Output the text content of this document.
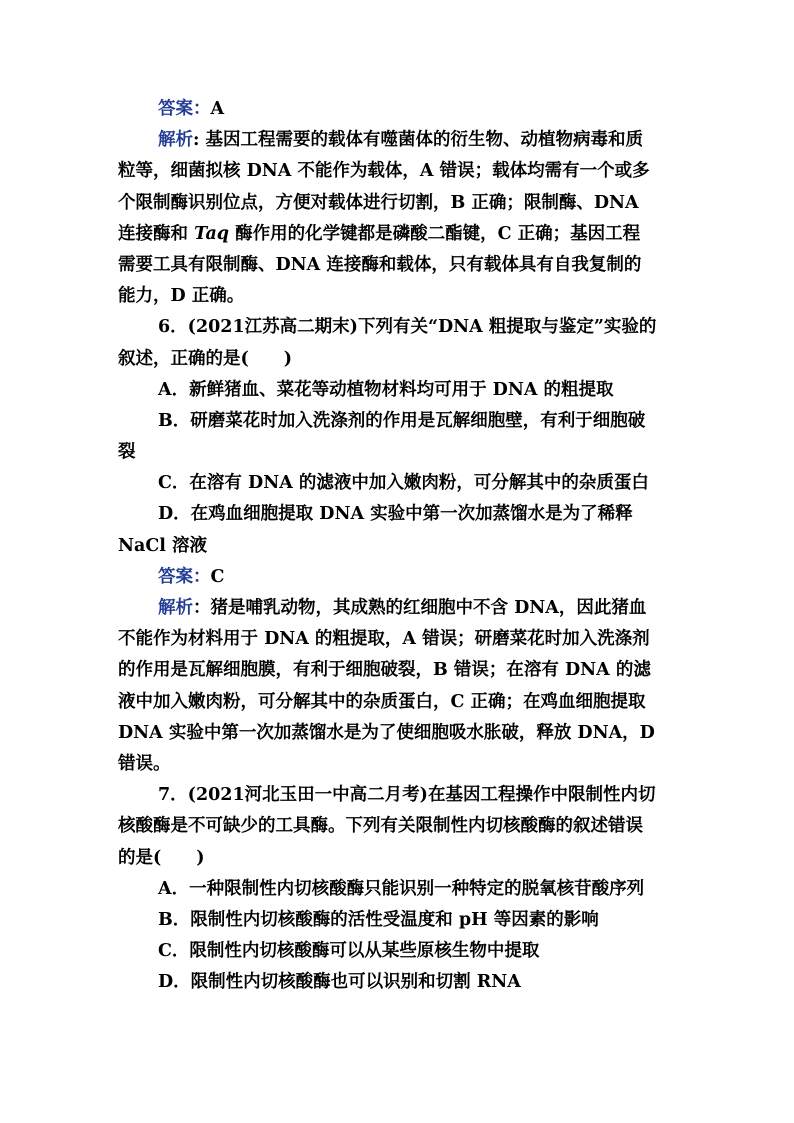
答案：A
解析: 基因工程需要的载体有噬菌体的衍生物、动植物病毒和质
粒等，细菌拟核 DNA 不能作为载体，A 错误；载体均需有一个或多
个限制酶识别位点，方便对载体进行切割，B 正确；限制酶、DNA
连接酶和 Taq 酶作用的化学键都是磷酸二酯键，C 正确；基因工程
需要工具有限制酶、DNA 连接酶和载体，只有载体具有自我复制的
能力，D 正确。
6．(2021江苏高二期末)下列有关“DNA 粗提取与鉴定”实验的
叙述，正确的是(　　)
A．新鲜猪血、菜花等动植物材料均可用于 DNA 的粗提取
B．研磨菜花时加入洗涤剂的作用是瓦解细胞壁，有利于细胞破
裂
C．在溶有 DNA 的滤液中加入嫩肉粉，可分解其中的杂质蛋白
D．在鸡血细胞提取 DNA 实验中第一次加蒸馏水是为了稀释
NaCl 溶液
答案：C
解析：猪是哺乳动物，其成熟的红细胞中不含 DNA，因此猪血
不能作为材料用于 DNA 的粗提取，A 错误；研磨菜花时加入洗涤剂
的作用是瓦解细胞膜，有利于细胞破裂，B 错误；在溶有 DNA 的滤
液中加入嫩肉粉，可分解其中的杂质蛋白，C 正确；在鸡血细胞提取
DNA 实验中第一次加蒸馏水是为了使细胞吸水胀破，释放 DNA，D
错误。
7．(2021河北玉田一中高二月考)在基因工程操作中限制性内切
核酸酶是不可缺少的工具酶。下列有关限制性内切核酸酶的叙述错误
的是(　　)
A．一种限制性内切核酸酶只能识别一种特定的脱氧核苷酸序列
B．限制性内切核酸酶的活性受温度和 pH 等因素的影响
C．限制性内切核酸酶可以从某些原核生物中提取
D．限制性内切核酸酶也可以识别和切割 RNA
